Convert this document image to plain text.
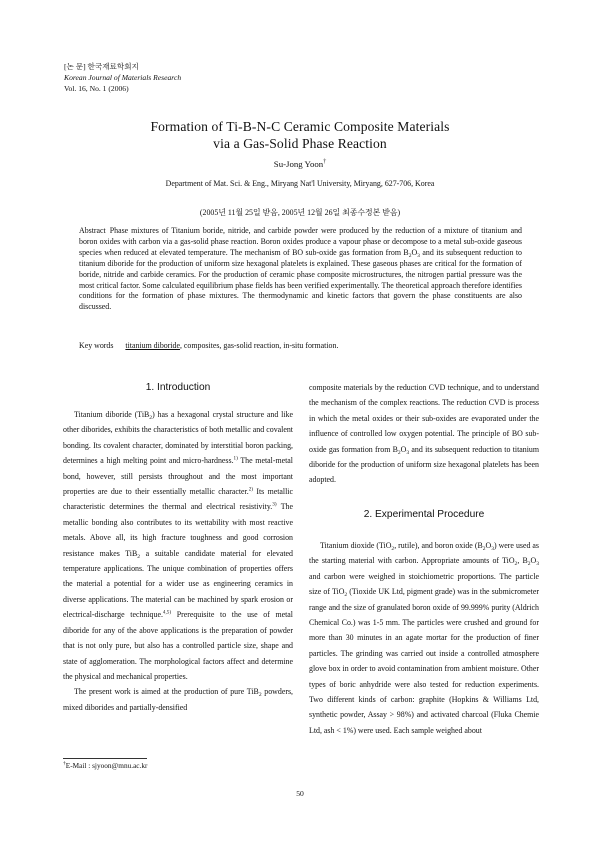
[논 문] 한국재료학회지
Korean Journal of Materials Research
Vol. 16, No. 1 (2006)
Formation of Ti-B-N-C Ceramic Composite Materials
via a Gas-Solid Phase Reaction
Su-Jong Yoon†
Department of Mat. Sci. & Eng., Miryang Nat'l University, Miryang, 627-706, Korea
(2005년 11월 25일 받음, 2005년 12월 26일 최종수정본 받음)
Abstract Phase mixtures of Titanium boride, nitride, and carbide powder were produced by the reduction of a mixture of titanium and boron oxides with carbon via a gas-solid phase reaction. Boron oxides produce a vapour phase or decompose to a metal sub-oxide gaseous species when reduced at elevated temperature. The mechanism of BO sub-oxide gas formation from $B_2O_3$ and its subsequent reduction to titanium diboride for the production of uniform size hexagonal platelets is explained. These gaseous phases are critical for the formation of boride, nitride and carbide ceramics. For the production of ceramic phase composite microstructures, the nitrogen partial pressure was the most critical factor. Some calculated equilibrium phase fields has been verified experimentally. The theoretical approach therefore identifies conditions for the formation of phase mixtures. The thermodynamic and kinetic factors that govern the phase constituents are also discussed.
Key words titanium diboride, composites, gas-solid reaction, in-situ formation.
1. Introduction

Titanium diboride (TiB$_2$) has a hexagonal crystal structure and like other diborides, exhibits the characteristics of both metallic and covalent bonding. Its covalent character, dominated by interstitial boron packing, determines a high melting point and micro-hardness.$^{1)}$ The metal-metal bond, however, still persists throughout and the most important properties are due to their essentially metallic character.$^{2)}$ Its metallic characteristic determines the thermal and electrical resistivity.$^{3)}$ The metallic bonding also contributes to its wettability with most reactive metals. Above all, its high fracture toughness and good corrosion resistance makes TiB$_2$ a suitable candidate material for elevated temperature applications. The unique combination of properties offers the material a potential for a wider use as engineering ceramics in diverse applications. The material can be machined by spark erosion or electrical-discharge technique.$^{4,5)}$ Prerequisite to the use of metal diboride for any of the above applications is the preparation of powder that is not only pure, but also has a controlled particle size, shape and state of agglomeration. The morphological factors affect and determine the physical and mechanical properties.

The present work is aimed at the production of pure TiB$_2$ powders, mixed diborides and partially-densified

composite materials by the reduction CVD technique, and to understand the mechanism of the complex reactions. The reduction CVD is process in which the metal oxides or their sub-oxides are evaporated under the influence of controlled low oxygen potential. The principle of BO sub-oxide gas formation from $B_2O_3$ and its subsequent reduction to titanium diboride for the production of uniform size hexagonal platelets has been adopted.

2. Experimental Procedure

Titanium dioxide (TiO$_2$, rutile), and boron oxide $(B_2O_3)$ were used as the starting material with carbon. Appropriate amounts of TiO$_2$, $B_2O_3$ and carbon were weighed in stoichiometric proportions. The particle size of TiO$_2$ (Tioxide UK Ltd, pigment grade) was in the submicrometer range and the size of granulated boron oxide of 99.999% purity (Aldrich Chemical Co.) was 1-5 mm. The particles were crushed and ground for more than 30 minutes in an agate mortar for the production of finer particles. The grinding was carried out inside a controlled atmosphere glove box in order to avoid contamination from ambient moisture. Other types of boric anhydride were also tested for reduction experiments. Two different kinds of carbon: graphite (Hopkins & Williams Ltd, synthetic powder, Assay > 98%) and activated charcoal (Fluka Chemie Ltd, ash < 1%) were used. Each sample weighed about

†E-Mail : sjyoon@mnu.ac.kr
50
